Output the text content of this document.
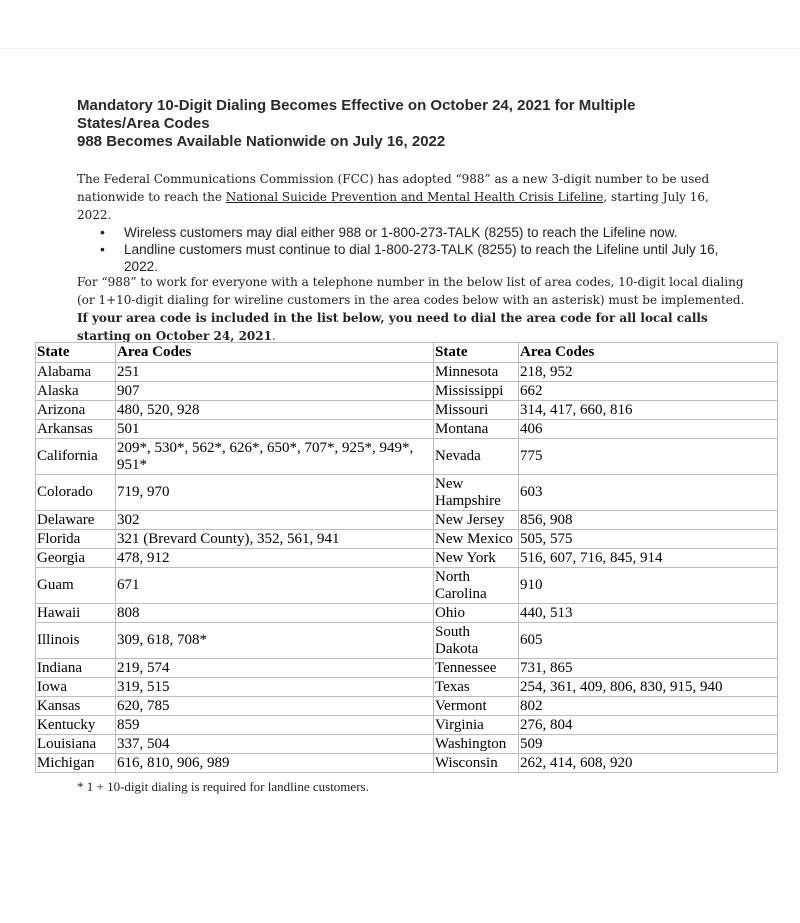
Mandatory 10-Digit Dialing Becomes Effective on October 24, 2021 for Multiple States/Area Codes
988 Becomes Available Nationwide on July 16, 2022
The Federal Communications Commission (FCC) has adopted “988” as a new 3-digit number to be used nationwide to reach the National Suicide Prevention and Mental Health Crisis Lifeline, starting July 16, 2022.
• Wireless customers may dial either 988 or 1-800-273-TALK (8255) to reach the Lifeline now.
• Landline customers must continue to dial 1-800-273-TALK (8255) to reach the Lifeline until July 16, 2022.
For “988” to work for everyone with a telephone number in the below list of area codes, 10-digit local dialing (or 1+10-digit dialing for wireline customers in the area codes below with an asterisk) must be implemented. If your area code is included in the list below, you need to dial the area code for all local calls starting on October 24, 2021.
State	Area Codes	State	Area Codes
Alabama	251	Minnesota	218, 952
Alaska	907	Mississippi	662
Arizona	480, 520, 928	Missouri	314, 417, 660, 816
Arkansas	501	Montana	406
California	209*, 530*, 562*, 626*, 650*, 707*, 925*, 949*, 951*	Nevada	775
Colorado	719, 970	New Hampshire	603
Delaware	302	New Jersey	856, 908
Florida	321 (Brevard County), 352, 561, 941	New Mexico	505, 575
Georgia	478, 912	New York	516, 607, 716, 845, 914
Guam	671	North Carolina	910
Hawaii	808	Ohio	440, 513
Illinois	309, 618, 708*	South Dakota	605
Indiana	219, 574	Tennessee	731, 865
Iowa	319, 515	Texas	254, 361, 409, 806, 830, 915, 940
Kansas	620, 785	Vermont	802
Kentucky	859	Virginia	276, 804
Louisiana	337, 504	Washington	509
Michigan	616, 810, 906, 989	Wisconsin	262, 414, 608, 920
* 1 + 10-digit dialing is required for landline customers.
